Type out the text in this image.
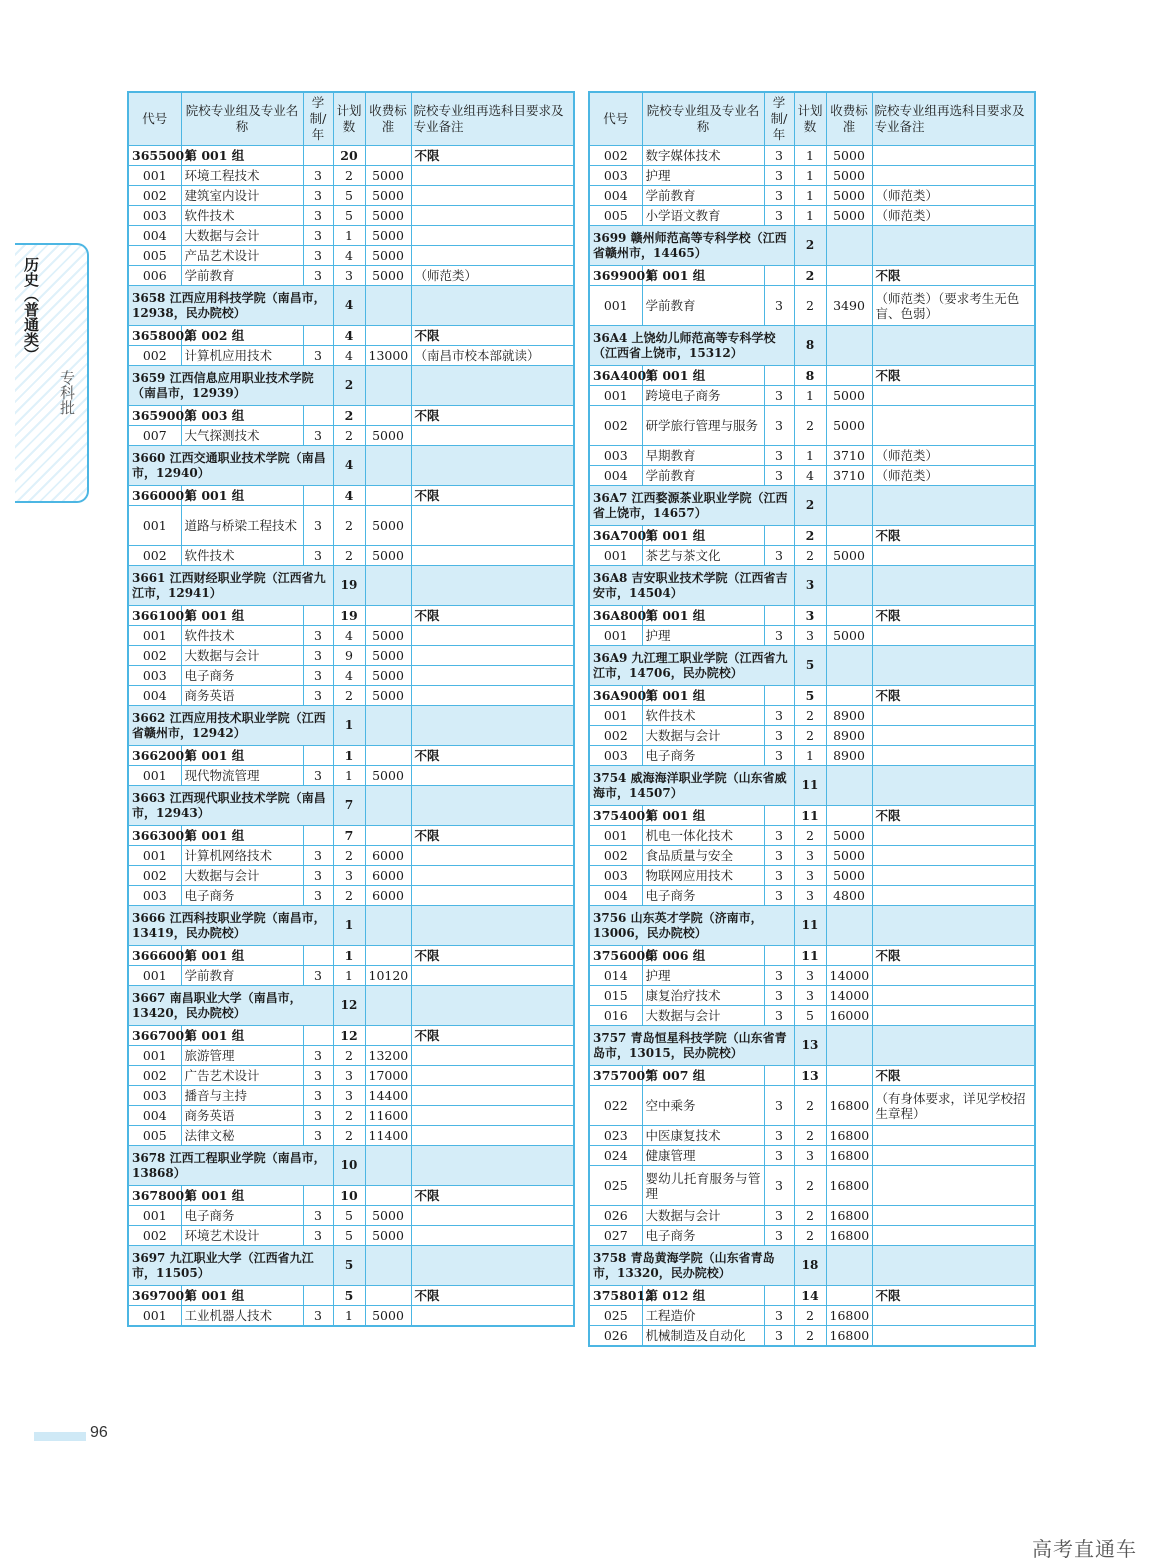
历史（普通类）
专科批
代号	院校专业组及专业名称	学制/年	计划数	收费标准	院校专业组再选科目要求及专业备注
3655001	第 001 组		20		不限
001	环境工程技术	3	2	5000	
002	建筑室内设计	3	5	5000	
003	软件技术	3	5	5000	
004	大数据与会计	3	1	5000	
005	产品艺术设计	3	4	5000	
006	学前教育	3	3	5000	（师范类）
3658 江西应用科技学院（南昌市，12938，民办院校）			4		
3658002	第 002 组		4		不限
002	计算机应用技术	3	4	13000	（南昌市校本部就读）
3659 江西信息应用职业技术学院（南昌市，12939）			2		
3659003	第 003 组		2		不限
007	大气探测技术	3	2	5000	
3660 江西交通职业技术学院（南昌市，12940）			4		
3660001	第 001 组		4		不限
001	道路与桥梁工程技术	3	2	5000	
002	软件技术	3	2	5000	
3661 江西财经职业学院（江西省九江市，12941）			19		
3661001	第 001 组		19		不限
001	软件技术	3	4	5000	
002	大数据与会计	3	9	5000	
003	电子商务	3	4	5000	
004	商务英语	3	2	5000	
3662 江西应用技术职业学院（江西省赣州市，12942）			1		
3662001	第 001 组		1		不限
001	现代物流管理	3	1	5000	
3663 江西现代职业技术学院（南昌市，12943）			7		
3663001	第 001 组		7		不限
001	计算机网络技术	3	2	6000	
002	大数据与会计	3	3	6000	
003	电子商务	3	2	6000	
3666 江西科技职业学院（南昌市，13419，民办院校）			1		
3666001	第 001 组		1		不限
001	学前教育	3	1	10120	
3667 南昌职业大学（南昌市，13420，民办院校）			12		
3667001	第 001 组		12		不限
001	旅游管理	3	2	13200	
002	广告艺术设计	3	3	17000	
003	播音与主持	3	3	14400	
004	商务英语	3	2	11600	
005	法律文秘	3	2	11400	
3678 江西工程职业学院（南昌市，13868）			10		
3678001	第 001 组		10		不限
001	电子商务	3	5	5000	
002	环境艺术设计	3	5	5000	
3697 九江职业大学（江西省九江市，11505）			5		
3697001	第 001 组		5		不限
001	工业机器人技术	3	1	5000	
代号	院校专业组及专业名称	学制/年	计划数	收费标准	院校专业组再选科目要求及专业备注
002	数字媒体技术	3	1	5000	
003	护理	3	1	5000	
004	学前教育	3	1	5000	（师范类）
005	小学语文教育	3	1	5000	（师范类）
3699 赣州师范高等专科学校（江西省赣州市，14465）			2		
3699001	第 001 组		2		不限
001	学前教育	3	2	3490	（师范类）（要求考生无色盲、色弱）
36A4 上饶幼儿师范高等专科学校（江西省上饶市，15312）			8		
36A4001	第 001 组		8		不限
001	跨境电子商务	3	1	5000	
002	研学旅行管理与服务	3	2	5000	
003	早期教育	3	1	3710	（师范类）
004	学前教育	3	4	3710	（师范类）
36A7 江西婺源茶业职业学院（江西省上饶市，14657）			2		
36A7001	第 001 组		2		不限
001	茶艺与茶文化	3	2	5000	
36A8 吉安职业技术学院（江西省吉安市，14504）			3		
36A8001	第 001 组		3		不限
001	护理	3	3	5000	
36A9 九江理工职业学院（江西省九江市，14706，民办院校）			5		
36A9001	第 001 组		5		不限
001	软件技术	3	2	8900	
002	大数据与会计	3	2	8900	
003	电子商务	3	1	8900	
3754 威海海洋职业学院（山东省威海市，14507）			11		
3754001	第 001 组		11		不限
001	机电一体化技术	3	2	5000	
002	食品质量与安全	3	3	5000	
003	物联网应用技术	3	3	5000	
004	电子商务	3	3	4800	
3756 山东英才学院（济南市，13006，民办院校）			11		
3756006	第 006 组		11		不限
014	护理	3	3	14000	
015	康复治疗技术	3	3	14000	
016	大数据与会计	3	5	16000	
3757 青岛恒星科技学院（山东省青岛市，13015，民办院校）			13		
3757007	第 007 组		13		不限
022	空中乘务	3	2	16800	（有身体要求，详见学校招生章程）
023	中医康复技术	3	2	16800	
024	健康管理	3	3	16800	
025	婴幼儿托育服务与管理	3	2	16800	
026	大数据与会计	3	2	16800	
027	电子商务	3	2	16800	
3758 青岛黄海学院（山东省青岛市，13320，民办院校）			18		
3758012	第 012 组		14		不限
025	工程造价	3	2	16800	
026	机械制造及自动化	3	2	16800	
96
高考直通车
